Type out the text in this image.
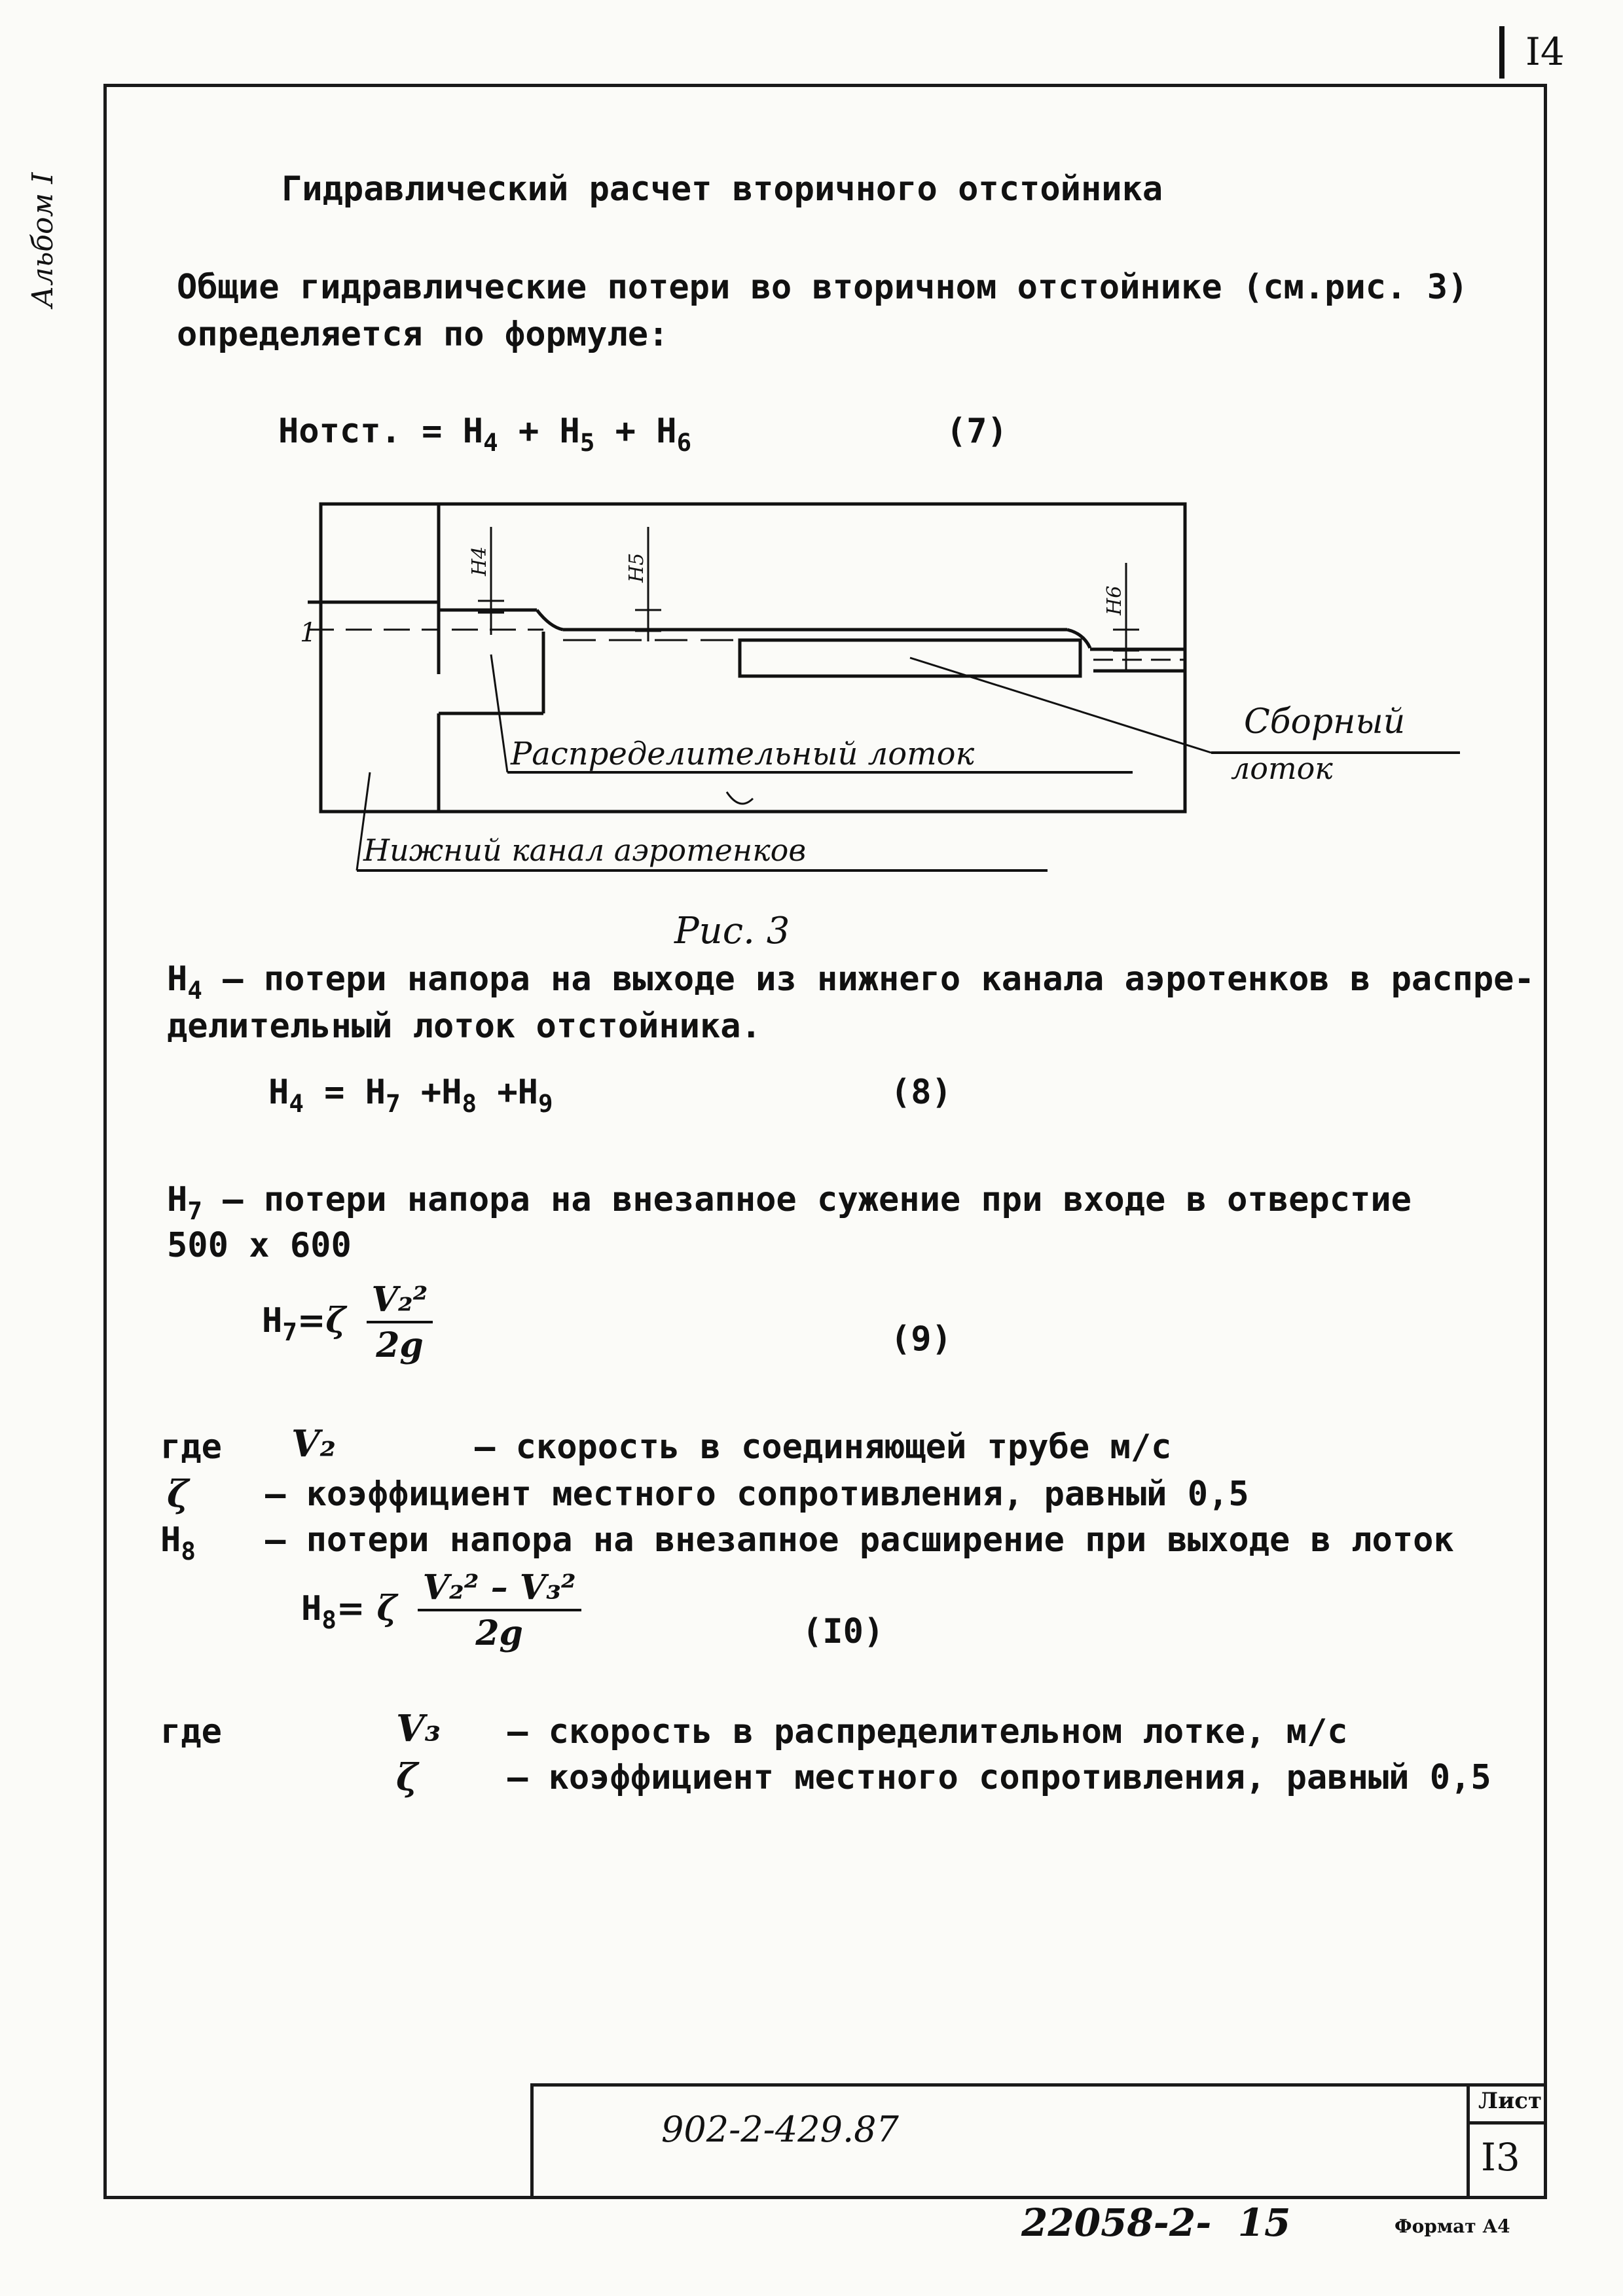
I4
Альбом I	Гидравлический расчет вторичного отстойника
Общие гидравлические потери во вторичном отстойнике (см.рис. 3)
определяется по формуле:
Нотст. = $Н_4 + Н_5 + Н_6$	(7)
Н4	Н5
Н6
1
Распределительный лоток
Сборный
лоток
Нижний канал аэротенков
Рис. 3
$Н_4$ – потери напора на выходе из нижнего канала аэротенков в распре-
делительный лоток отстойника.
$Н_4 = Н_7 +Н_8 +Н_9$	(8)
$Н_7$ – потери напора на внезапное сужение при входе в отверстие
500 х 600
$Н_7=\zeta \frac{\text{V₂²}}{2g}$	(9)
где V₂	– скорость в соединяющей трубе м/с
ζ – коэффициент местного сопротивления, равный 0,5
$Н_8$ – потери напора на внезапное расширение при выходе в лоток
$Н_8= \zeta \frac{\text{V₂² – V₃²}}{2g}$	(I0)
где	V₃ – скорость в распределительном лотке, м/с
ζ	– коэффициент местного сопротивления, равный 0,5
902-2-429.87
Лист
I3
22058-2-  15	Формат А4
